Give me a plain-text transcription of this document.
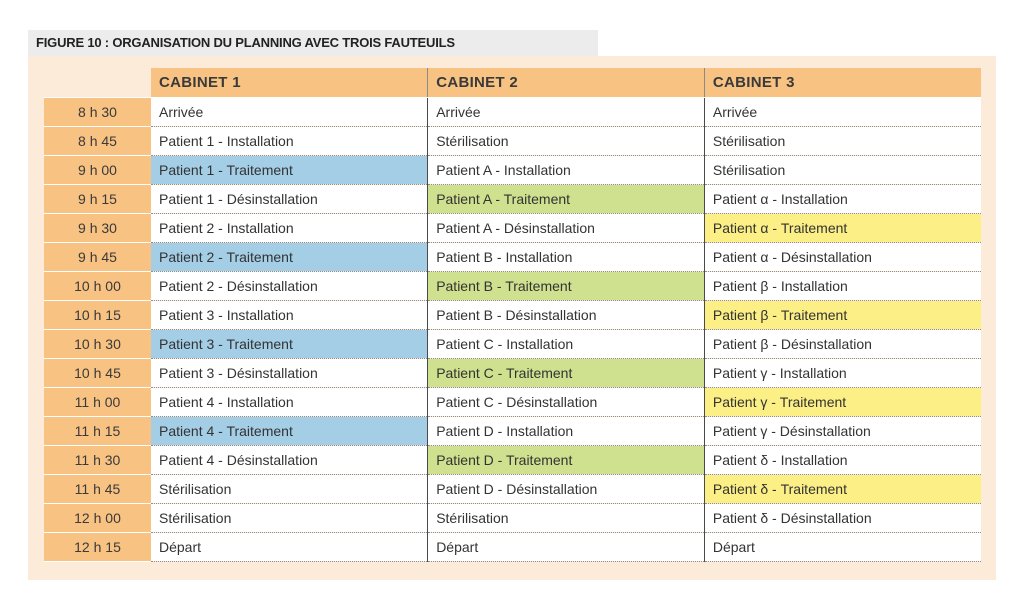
FIGURE 10 : ORGANISATION DU PLANNING AVEC TROIS FAUTEUILS
	CABINET 1	CABINET 2	CABINET 3
8 h 30	Arrivée	Arrivée	Arrivée
8 h 45	Patient 1 - Installation	Stérilisation	Stérilisation
9 h 00	Patient 1 - Traitement	Patient A - Installation	Stérilisation
9 h 15	Patient 1 - Désinstallation	Patient A - Traitement	Patient α - Installation
9 h 30	Patient 2 - Installation	Patient A - Désinstallation	Patient α - Traitement
9 h 45	Patient 2 - Traitement	Patient B - Installation	Patient α - Désinstallation
10 h 00	Patient 2 - Désinstallation	Patient B - Traitement	Patient β - Installation
10 h 15	Patient 3 - Installation	Patient B - Désinstallation	Patient β - Traitement
10 h 30	Patient 3 - Traitement	Patient C - Installation	Patient β - Désinstallation
10 h 45	Patient 3 - Désinstallation	Patient C - Traitement	Patient γ - Installation
11 h 00	Patient 4 - Installation	Patient C - Désinstallation	Patient γ - Traitement
11 h 15	Patient 4 - Traitement	Patient D - Installation	Patient γ - Désinstallation
11 h 30	Patient 4 - Désinstallation	Patient D - Traitement	Patient δ - Installation
11 h 45	Stérilisation	Patient D - Désinstallation	Patient δ - Traitement
12 h 00	Stérilisation	Stérilisation	Patient δ - Désinstallation
12 h 15	Départ	Départ	Départ
